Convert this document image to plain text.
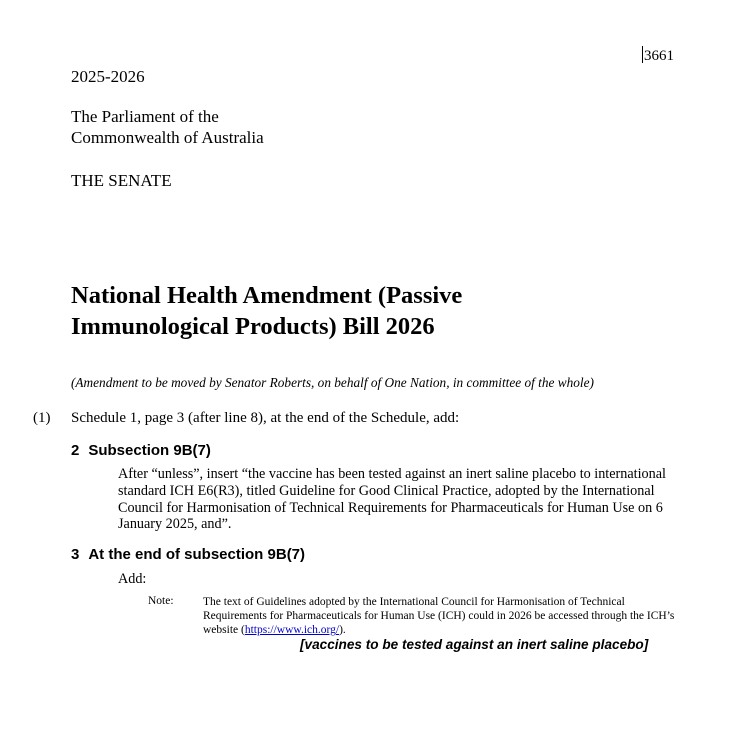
3661
2025-2026
The Parliament of the
Commonwealth of Australia
THE SENATE
National Health Amendment (Passive
Immunological Products) Bill 2026
(Amendment to be moved by Senator Roberts, on behalf of One Nation, in committee of the whole)
(1) Schedule 1, page 3 (after line 8), at the end of the Schedule, add:
2 Subsection 9B(7)
After “unless”, insert “the vaccine has been tested against an inert saline placebo to international standard ICH E6(R3), titled Guideline for Good Clinical Practice, adopted by the International Council for Harmonisation of Technical Requirements for Pharmaceuticals for Human Use on 6 January 2025, and”.
3 At the end of subsection 9B(7)
Add:
Note:	The text of Guidelines adopted by the International Council for Harmonisation of Technical Requirements for Pharmaceuticals for Human Use (ICH) could in 2026 be accessed through the ICH’s website (https://www.ich.org/).
[vaccines to be tested against an inert saline placebo]
